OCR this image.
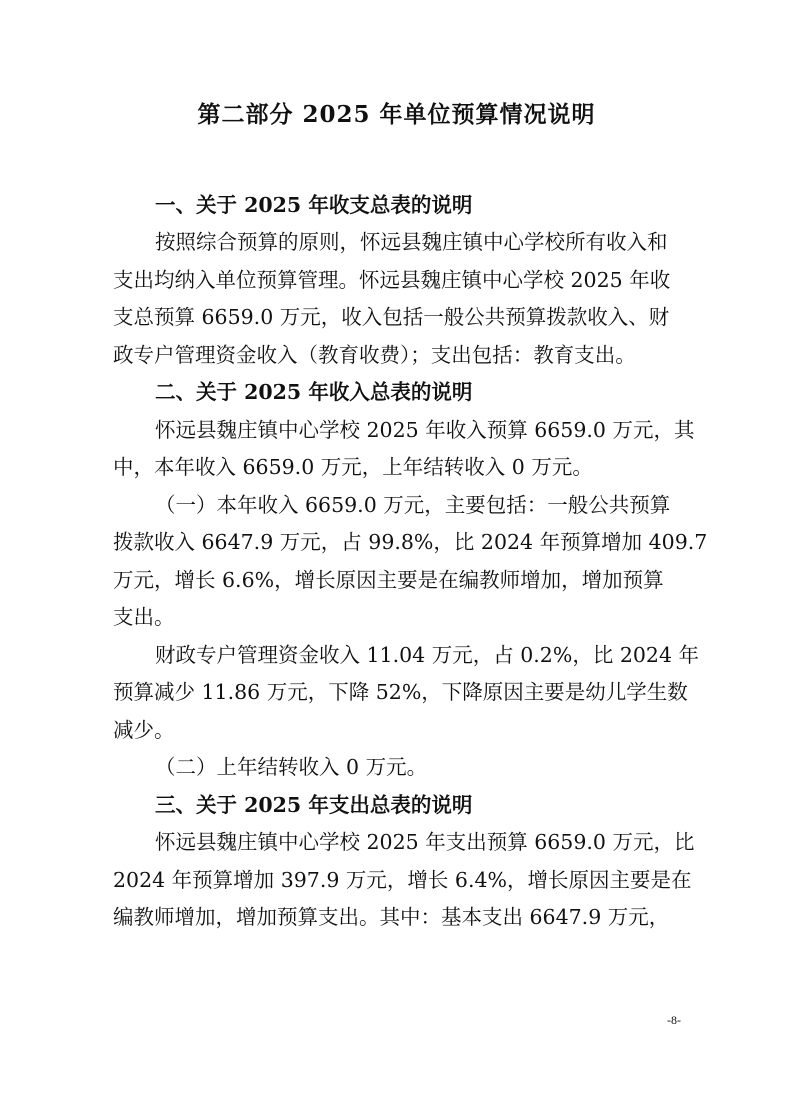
第二部分 2025 年单位预算情况说明
一、关于 2025 年收支总表的说明
按照综合预算的原则，怀远县魏庄镇中心学校所有收入和
支出均纳入单位预算管理。怀远县魏庄镇中心学校 2025 年收
支总预算 6659.0 万元，收入包括一般公共预算拨款收入、财
政专户管理资金收入（教育收费）；支出包括：教育支出。
二、关于 2025 年收入总表的说明
怀远县魏庄镇中心学校 2025 年收入预算 6659.0 万元，其
中，本年收入 6659.0 万元，上年结转收入 0 万元。
（一）本年收入 6659.0 万元，主要包括：一般公共预算
拨款收入 6647.9 万元，占 99.8%，比 2024 年预算增加 409.7
万元，增长 6.6%，增长原因主要是在编教师增加，增加预算
支出。
财政专户管理资金收入 11.04 万元，占 0.2%，比 2024 年
预算减少 11.86 万元，下降 52%，下降原因主要是幼儿学生数
减少。
（二）上年结转收入 0 万元。
三、关于 2025 年支出总表的说明
怀远县魏庄镇中心学校 2025 年支出预算 6659.0 万元，比
2024 年预算增加 397.9 万元，增长 6.4%，增长原因主要是在
编教师增加，增加预算支出。其中：基本支出 6647.9 万元，
-8-
